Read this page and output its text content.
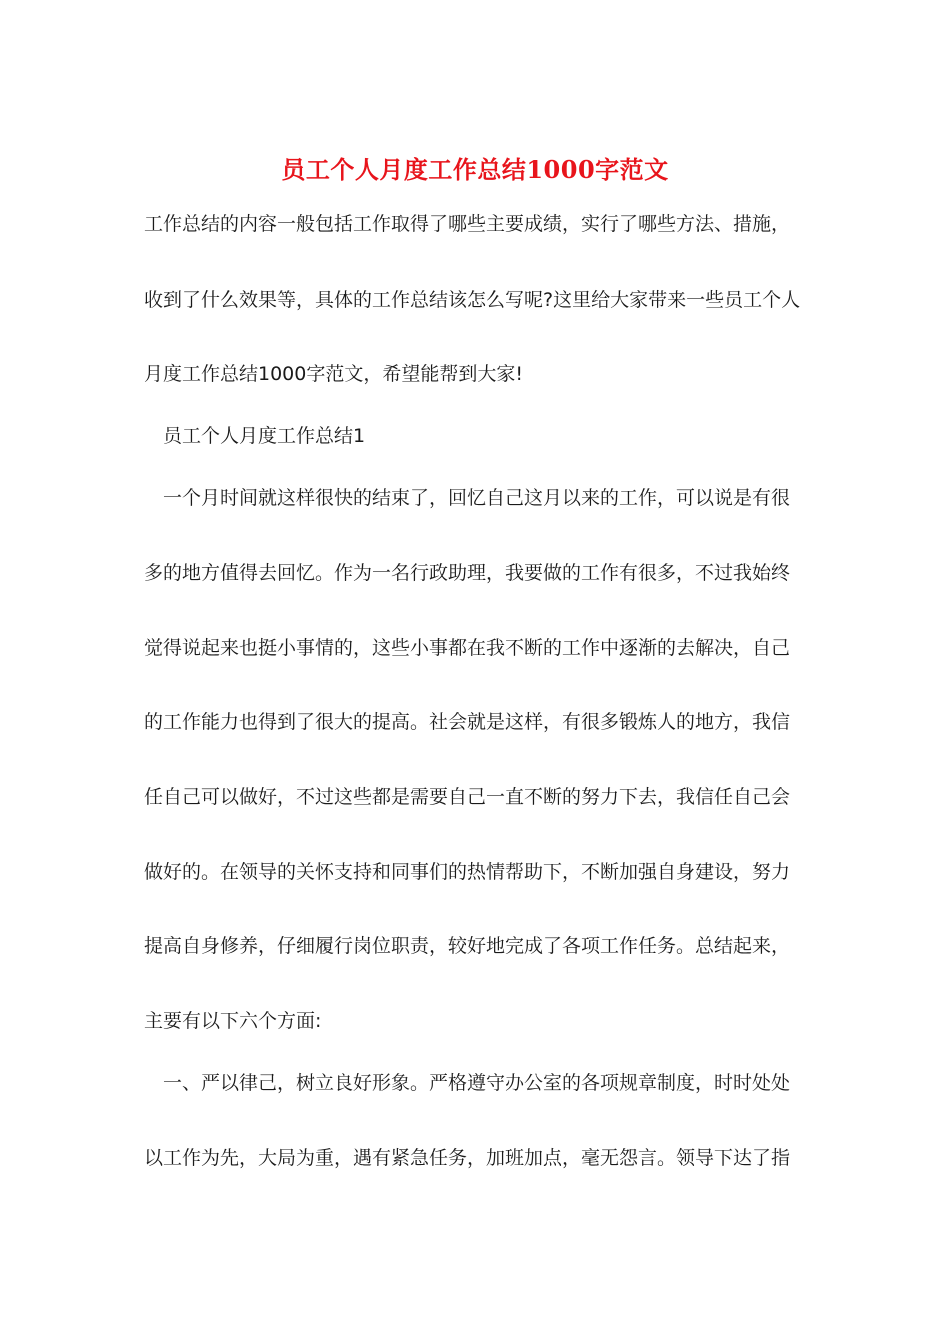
员工个人月度工作总结1000字范文
工作总结的内容一般包括工作取得了哪些主要成绩，实行了哪些方法、措施，
收到了什么效果等，具体的工作总结该怎么写呢?这里给大家带来一些员工个人
月度工作总结1000字范文，希望能帮到大家!
员工个人月度工作总结1
一个月时间就这样很快的结束了，回忆自己这月以来的工作，可以说是有很
多的地方值得去回忆。作为一名行政助理，我要做的工作有很多，不过我始终
觉得说起来也挺小事情的，这些小事都在我不断的工作中逐渐的去解决，自己
的工作能力也得到了很大的提高。社会就是这样，有很多锻炼人的地方，我信
任自己可以做好，不过这些都是需要自己一直不断的努力下去，我信任自己会
做好的。在领导的关怀支持和同事们的热情帮助下，不断加强自身建设，努力
提高自身修养，仔细履行岗位职责，较好地完成了各项工作任务。总结起来，
主要有以下六个方面:
一、严以律己，树立良好形象。严格遵守办公室的各项规章制度，时时处处
以工作为先，大局为重，遇有紧急任务，加班加点，毫无怨言。领导下达了指
